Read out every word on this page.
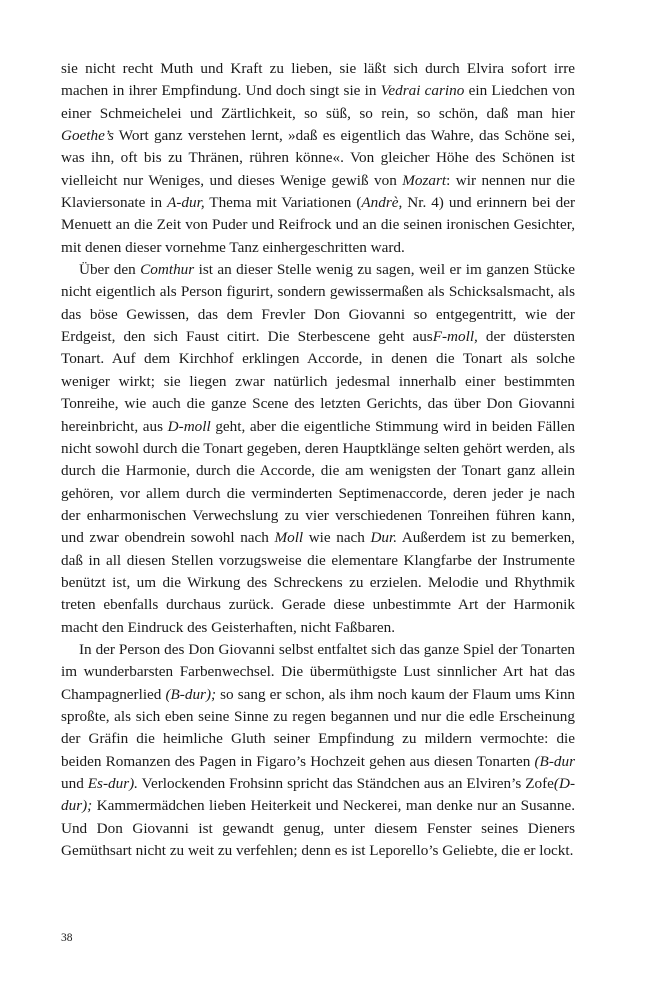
sie nicht recht Muth und Kraft zu lieben, sie läßt sich durch Elvira sofort irre machen in ihrer Empfindung. Und doch singt sie in Vedrai carino ein Liedchen von einer Schmeichelei und Zärtlichkeit, so süß, so rein, so schön, daß man hier Goethe’s Wort ganz verstehen lernt, »daß es eigentlich das Wahre, das Schöne sei, was ihn, oft bis zu Thränen, rühren könne«. Von gleicher Höhe des Schönen ist vielleicht nur Weniges, und dieses Wenige gewiß von Mozart: wir nennen nur die Klaviersonate in A-dur, Thema mit Variationen (Andrè, Nr. 4) und erinnern bei der Menuett an die Zeit von Puder und Reifrock und an die seinen ironischen Gesichter, mit denen dieser vornehme Tanz einhergeschritten ward.

Über den Comthur ist an dieser Stelle wenig zu sagen, weil er im ganzen Stücke nicht eigentlich als Person figurirt, sondern gewissermaßen als Schicksalsmacht, als das böse Gewissen, das dem Frevler Don Giovanni so entgegentritt, wie der Erdgeist, den sich Faust citirt. Die Sterbescene geht ausF-moll, der düstersten Tonart. Auf dem Kirchhof erklingen Accorde, in denen die Tonart als solche weniger wirkt; sie liegen zwar natürlich jedesmal innerhalb einer bestimmten Tonreihe, wie auch die ganze Scene des letzten Gerichts, das über Don Giovanni hereinbricht, aus D-moll geht, aber die eigentliche Stimmung wird in beiden Fällen nicht sowohl durch die Tonart gegeben, deren Hauptklänge selten gehört werden, als durch die Harmonie, durch die Accorde, die am wenigsten der Tonart ganz allein gehören, vor allem durch die verminderten Septimenaccorde, deren jeder je nach der enharmonischen Verwechslung zu vier verschiedenen Tonreihen führen kann, und zwar obendrein sowohl nach Moll wie nach Dur. Außerdem ist zu bemerken, daß in all diesen Stellen vorzugsweise die elementare Klangfarbe der Instrumente benützt ist, um die Wirkung des Schreckens zu erzielen. Melodie und Rhythmik treten ebenfalls durchaus zurück. Gerade diese unbestimmte Art der Harmonik macht den Eindruck des Geisterhaften, nicht Faßbaren.

In der Person des Don Giovanni selbst entfaltet sich das ganze Spiel der Tonarten im wunderbarsten Farbenwechsel. Die übermüthigste Lust sinnlicher Art hat das Champagnerlied (B-dur); so sang er schon, als ihm noch kaum der Flaum ums Kinn sproßte, als sich eben seine Sinne zu regen begannen und nur die edle Erscheinung der Gräfin die heimliche Gluth seiner Empfindung zu mildern vermochte: die beiden Romanzen des Pagen in Figaro’s Hochzeit gehen aus diesen Tonarten (B-dur und Es-dur). Verlockenden Frohsinn spricht das Ständchen aus an Elviren’s Zofe(D-dur); Kammermädchen lieben Heiterkeit und Neckerei, man denke nur an Susanne. Und Don Giovanni ist gewandt genug, unter diesem Fenster seines Dieners Gemüthsart nicht zu weit zu verfehlen; denn es ist Leporello’s Geliebte, die er lockt.

38
